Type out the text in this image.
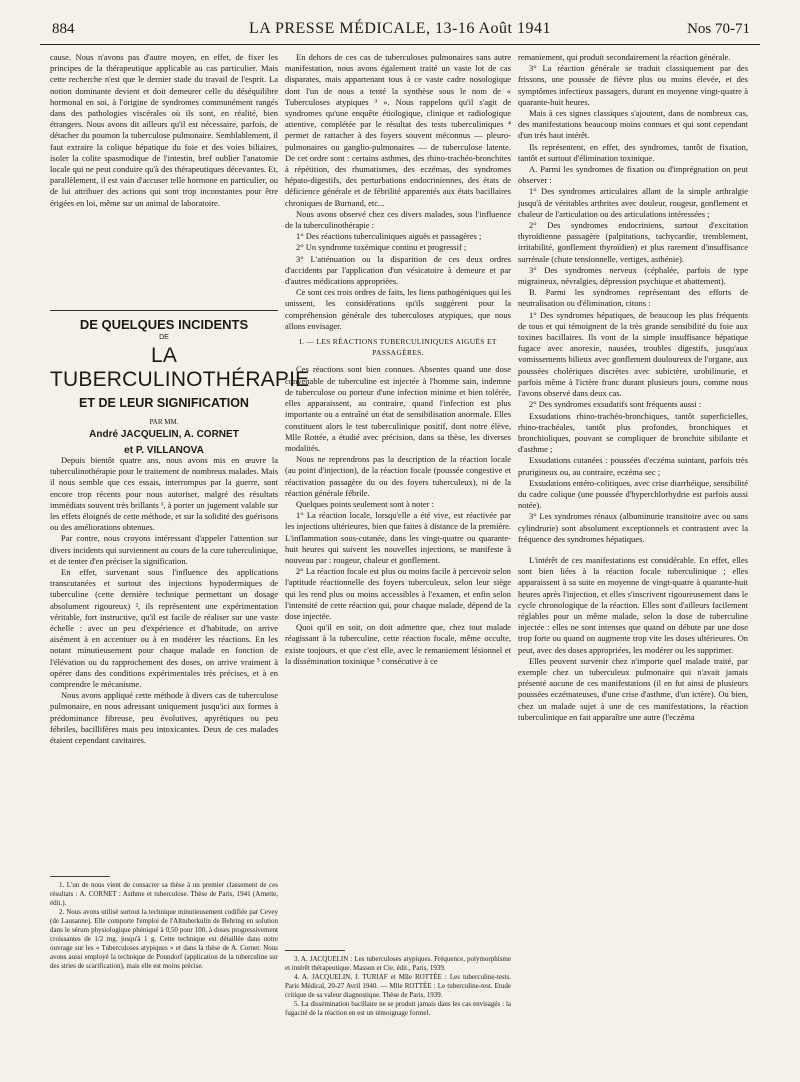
884	LA PRESSE MÉDICALE, 13-16 Août 1941	Nos 70-71

cause. Nous n'avons pas d'autre moyen, en effet, de fixer les principes de la thérapeutique applicable au cas particulier. Mais cette recherche n'est que le dernier stade du travail de l'esprit. La notion dominante devient et doit demeurer celle du déséquilibre hormonal en soi, à l'origine de syndromes communément rangés dans des pathologies viscérales où ils sont, en réalité, bien étrangers. Nous avons dit ailleurs qu'il est nécessaire, parfois, de détacher du poumon la tuberculose pulmonaire. Semblablement, il faut extraire la colique hépatique du foie et des voies biliaires, isoler la colite spasmodique de l'intestin, bref oublier l'anatomie locale qui ne peut conduire qu'à des thérapeutiques décevantes. Et, parallèlement, il est vain d'accuser telle hormone en particulier, ou de lui attribuer des actions qui sont trop inconstantes pour être érigées en loi, même sur un animal de laboratoire.

DE QUELQUES INCIDENTS
DE
LA TUBERCULINOTHÉRAPIE
ET DE LEUR SIGNIFICATION
PAR MM.
André JACQUELIN, A. CORNET
et P. VILLANOVA

Depuis bientôt quatre ans, nous avons mis en œuvre la tuberculinothérapie pour le traitement de nombreux malades. Mais il nous semble que ces essais, interrompus par la guerre, sont encore trop récents pour nous autoriser, malgré des résultats immédiats souvent très brillants ¹, à porter un jugement valable sur les effets éloignés de cette méthode, et sur la solidité des guérisons ou des améliorations obtenues.

Par contre, nous croyons intéressant d'appeler l'attention sur divers incidents qui surviennent au cours de la cure tuberculinique, et de tenter d'en préciser la signification.

En effet, survenant sous l'influence des applications transcutanées et surtout des injections hypodermiques de tuberculine (cette dernière technique permettant un dosage absolument rigoureux) ², ils représentent une expérimentation véritable, fort instructive, qu'il est facile de réaliser sur une vaste échelle : avec un peu d'expérience et d'habitude, on arrive aisément à en accentuer ou à en modérer les réactions. En les notant minutieusement pour chaque malade en fonction de l'élévation ou du rapprochement des doses, on arrive vraiment à opérer dans des conditions expérimentales très précises, et à en comprendre le mécanisme.

Nous avons appliqué cette méthode à divers cas de tuberculose pulmonaire, en nous adressant uniquement jusqu'ici aux formes à prédominance fibreuse, peu évolutives, apyrétiques ou peu fébriles, bacillifères mais peu intoxicantes. Deux de ces malades étaient cependant cavitaires.

1. L'un de nous vient de consacrer sa thèse à un premier classement de ces résultats : A. CORNET : Asthme et tuberculose. Thèse de Paris, 1941 (Arnette, édit.).

2. Nous avons utilisé surtout la technique minutieusement codifiée par Cevey (de Lausanne). Elle comporte l'emploi de l'Alttuberkulin de Behring en solution dans le sérum physiologique phéniqué à 0,50 pour 100, à doses progressivement croissantes de 1/2 mg. jusqu'à 1 g. Cette technique est détaillée dans notre ouvrage sur les « Tuberculoses atypiques » et dans la thèse de A. Cornet. Nous avons aussi employé la technique de Ponndorf (application de la tuberculine sur des stries de scarification), mais elle est moins précise.

En dehors de ces cas de tuberculoses pulmonaires sans autre manifestation, nous avons également traité un vaste lot de cas disparates, mais appartenant tous à ce vaste cadre nosologique dont l'un de nous a tenté la synthèse sous le nom de « Tuberculoses atypiques ³ ». Nous rappelons qu'il s'agit de syndromes qu'une enquête étiologique, clinique et radiologique attentive, complétée par le résultat des tests tuberculiniques ⁴ permet de rattacher à des foyers souvent méconnus — pleuro-pulmonaires ou ganglio-pulmonaires — de tuberculose latente. De cet ordre sont : certains asthmes, des rhino-trachéo-bronchites à répétition, des rhumatismes, des eczémas, des syndromes hépato-digestifs, des perturbations endocriniennes, des états de déficience générale et de fébrilité apparentés aux états bacillaires chroniques de Burnand, etc...

Nous avons observé chez ces divers malades, sous l'influence de la tuberculinothérapie :

1° Des réactions tuberculiniques aiguës et passagères ;

2° Un syndrome toxémique continu et progressif ;

3° L'atténuation ou la disparition de ces deux ordres d'accidents par l'application d'un vésicatoire à demeure et par d'autres médications appropriées.

Ce sont ces trois ordres de faits, les liens pathogéniques qui les unissent, les considérations qu'ils suggèrent pour la compréhension générale des tuberculoses atypiques, que nous allons envisager.

I. — LES RÉACTIONS TUBERCULINIQUES AIGUËS ET PASSAGÈRES.

Ces réactions sont bien connues. Absentes quand une dose convenable de tuberculine est injectée à l'homme sain, indemne de tuberculose ou porteur d'une infection minime et bien tolérée, elles apparaissent, au contraire, quand l'infection est plus importante ou a entraîné un état de sensibilisation anormale. Elles constituent alors le test tuberculinique positif, dont notre élève, Mlle Rottée, a étudié avec précision, dans sa thèse, les diverses modalités.

Nous ne reprendrons pas la description de la réaction locale (au point d'injection), de la réaction focale (poussée congestive et réactivation passagère du ou des foyers tuberculeux), ni de la réaction générale fébrile.

Quelques points seulement sont à noter :

1° La réaction locale, lorsqu'elle a été vive, est réactivée par les injections ultérieures, bien que faites à distance de la première. L'inflammation sous-cutanée, dans les vingt-quatre ou quarante-huit heures qui suivent les nouvelles injections, se manifeste à nouveau par : rougeur, chaleur et gonflement.

2° La réaction focale est plus ou moins facile à percevoir selon l'aptitude réactionnelle des foyers tuberculeux, selon leur siège qui les rend plus ou moins accessibles à l'examen, et enfin selon l'intensité de cette réaction qui, pour chaque malade, dépend de la dose injectée.

Quoi qu'il en soit, on doit admettre que, chez tout malade réagissant à la tuberculine, cette réaction focale, même occulte, existe toujours, et que c'est elle, avec le remaniement lésionnel et la dissémination toxinique ⁵ consécutive à ce

3. A. JACQUELIN : Les tuberculoses atypiques. Fréquence, polymorphisme et intérêt thérapeutique. Masson et Cie, édit., Paris, 1939.

4. A. JACQUELIN, J. TURIAF et Mlle ROTTÉE : Les tuberculine-tests. Paris Médical, 20-27 Avril 1940. — Mlle ROTTÉE : Le tuberculine-test. Etude critique de sa valeur diagnostique. Thèse de Paris, 1939.

5. La dissémination bacillaire ne se produit jamais dans les cas envisagés : la fugacité de la réaction en est un témoignage formel.

remaniement, qui produit secondairement la réaction générale.

3° La réaction générale se traduit classiquement par des frissons, une poussée de fièvre plus ou moins élevée, et des symptômes infectieux passagers, durant en moyenne vingt-quatre à quarante-huit heures.

Mais à ces signes classiques s'ajoutent, dans de nombreux cas, des manifestations beaucoup moins connues et qui sont cependant d'un très haut intérêt.

Ils représentent, en effet, des syndromes, tantôt de fixation, tantôt et surtout d'élimination toxinique.

A. Parmi les syndromes de fixation ou d'imprégnation on peut observer :

1° Des syndromes articulaires allant de la simple arthralgie jusqu'à de véritables arthrites avec douleur, rougeur, gonflement et chaleur de l'articulation ou des articulations intéressées ;

2° Des syndromes endocriniens, surtout d'excitation thyroïdienne passagère (palpitations, tachycardie, tremblement, irritabilité, gonflement thyroïdien) et plus rarement d'insuffisance surrénale (chute tensionnelle, vertiges, asthénie).

3° Des syndromes nerveux (céphalée, parfois de type migraineux, névralgies, dépression psychique et abattement).

B. Parmi les syndromes représentant des efforts de neutralisation ou d'élimination, citons :

1° Des syndromes hépatiques, de beaucoup les plus fréquents de tous et qui témoignent de la très grande sensibilité du foie aux toxines bacillaires. Ils vont de la simple insuffisance hépatique fugace avec anorexie, nausées, troubles digestifs, jusqu'aux vomissements bilieux avec gonflement douloureux de l'organe, aux poussées cholériques discrètes avec subictère, urobilinurie, et parfois même à l'ictère franc durant plusieurs jours, comme nous l'avons observé dans deux cas.

2° Des syndromes exsudatifs sont fréquents aussi :

Exsudations rhino-trachéo-bronchiques, tantôt superficielles, rhino-trachéales, tantôt plus profondes, bronchiques et bronchioliques, pouvant se compliquer de bronchite sibilante et d'asthme ;

Exsudations cutanées : poussées d'eczéma suintant, parfois très prurigineux ou, au contraire, eczéma sec ;

Exsudations entéro-colitiques, avec crise diarrhéique, sensibilité du cadre colique (une poussée d'hyperchlorhydrie est parfois aussi notée).

3° Les syndromes rénaux (albuminurie transitoire avec ou sans cylindrurie) sont absolument exceptionnels et contrastent avec la fréquence des syndromes hépatiques.

L'intérêt de ces manifestations est considérable. En effet, elles sont bien liées à la réaction focale tuberculinique ; elles apparaissent à sa suite en moyenne de vingt-quatre à quarante-huit heures après l'injection, et elles s'inscrivent rigoureusement dans le cycle chronologique de la réaction. Elles sont d'ailleurs facilement réglables pour un même malade, selon la dose de tuberculine injectée : elles ne sont intenses que quand on débute par une dose trop forte ou quand on augmente trop vite les doses ultérieures. On peut, avec des doses appropriées, les modérer ou les supprimer.

Elles peuvent survenir chez n'importe quel malade traité, par exemple chez un tuberculeux pulmonaire qui n'avait jamais présenté aucune de ces manifestations (il en fut ainsi de plusieurs poussées eczémateuses, d'une crise d'asthme, d'un ictère). Ou bien, chez un malade sujet à une de ces manifestations, la réaction tuberculinique en fait apparaître une autre (l'eczéma
